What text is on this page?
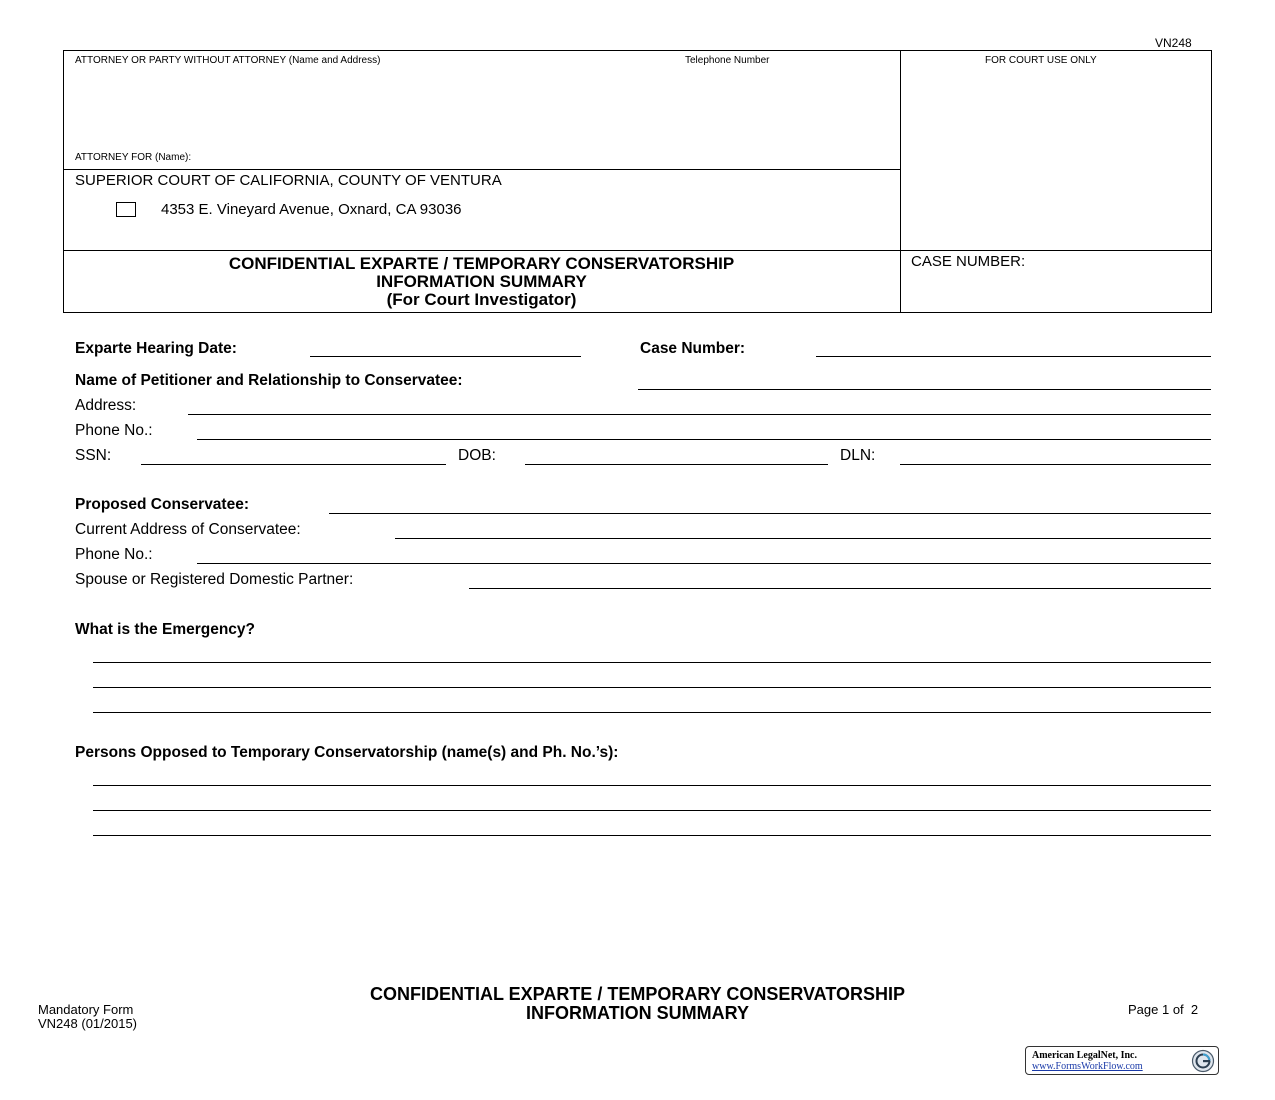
VN248
ATTORNEY OR PARTY WITHOUT ATTORNEY (Name and Address)	Telephone Number	FOR COURT USE ONLY
ATTORNEY FOR (Name):
SUPERIOR COURT OF CALIFORNIA, COUNTY OF VENTURA
4353 E. Vineyard Avenue, Oxnard, CA 93036
CONFIDENTIAL EXPARTE / TEMPORARY CONSERVATORSHIP
INFORMATION SUMMARY
(For Court Investigator)
CASE NUMBER:
Exparte Hearing Date:	Case Number:
Name of Petitioner and Relationship to Conservatee:
Address:
Phone No.:
SSN:	DOB:	DLN:
Proposed Conservatee:
Current Address of Conservatee:
Phone No.:
Spouse or Registered Domestic Partner:
What is the Emergency?
Persons Opposed to Temporary Conservatorship (name(s) and Ph. No.’s):
Mandatory Form
VN248 (01/2015)
CONFIDENTIAL EXPARTE / TEMPORARY CONSERVATORSHIP
INFORMATION SUMMARY	Page 1 of  2
American LegalNet, Inc.
www.FormsWorkFlow.com
